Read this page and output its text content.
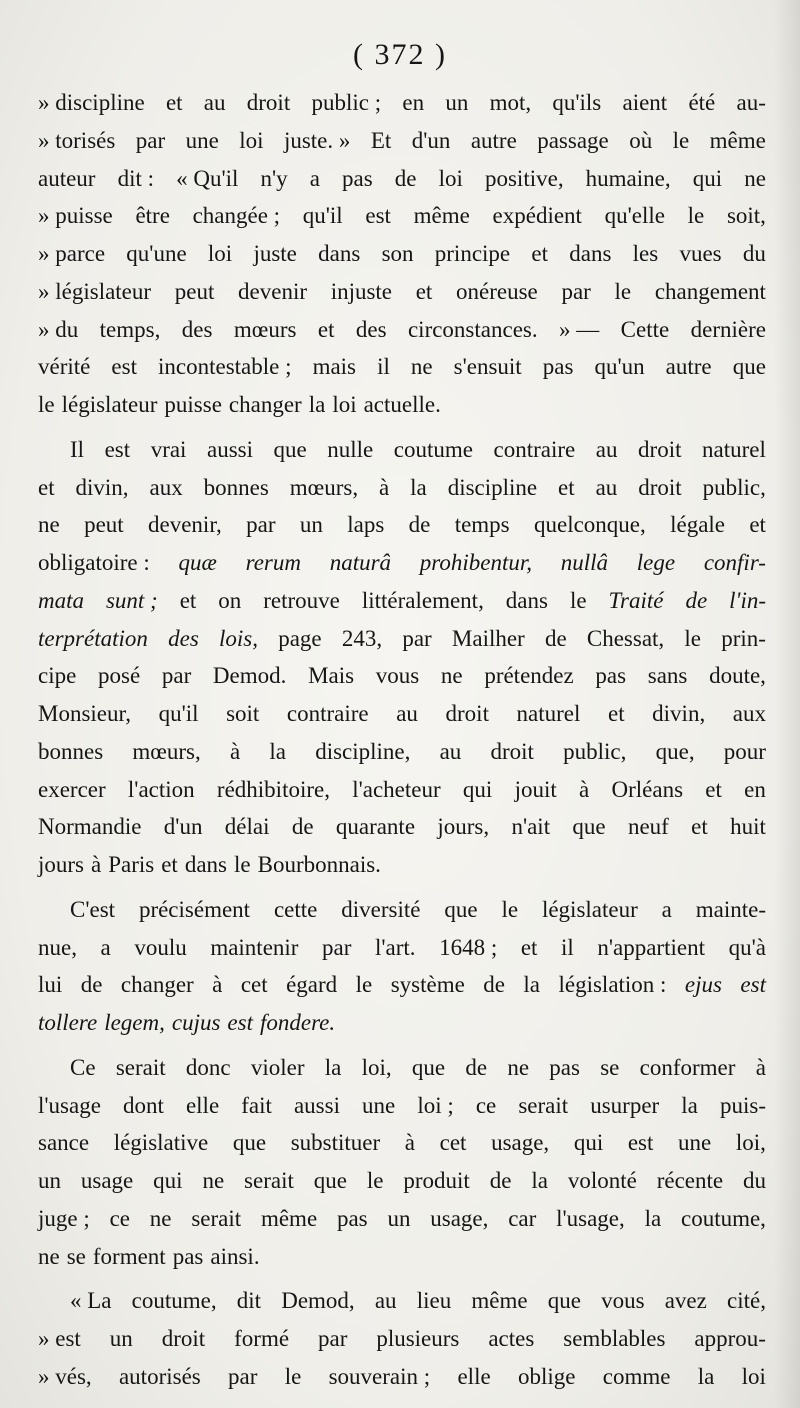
( 372 )
» discipline et au droit public ; en un mot, qu'ils aient été au-
» torisés par une loi juste. » Et d'un autre passage où le même
auteur dit : « Qu'il n'y a pas de loi positive, humaine, qui ne
» puisse être changée ; qu'il est même expédient qu'elle le soit,
» parce qu'une loi juste dans son principe et dans les vues du
» législateur peut devenir injuste et onéreuse par le changement
» du temps, des mœurs et des circonstances. » — Cette dernière
vérité est incontestable ; mais il ne s'ensuit pas qu'un autre que
le législateur puisse changer la loi actuelle.
Il est vrai aussi que nulle coutume contraire au droit naturel
et divin, aux bonnes mœurs, à la discipline et au droit public,
ne peut devenir, par un laps de temps quelconque, légale et
obligatoire : quæ rerum naturâ prohibentur, nullâ lege confir-
mata sunt ; et on retrouve littéralement, dans le Traité de l'in-
terprétation des lois, page 243, par Mailher de Chessat, le prin-
cipe posé par Demod. Mais vous ne prétendez pas sans doute,
Monsieur, qu'il soit contraire au droit naturel et divin, aux
bonnes mœurs, à la discipline, au droit public, que, pour
exercer l'action rédhibitoire, l'acheteur qui jouit à Orléans et en
Normandie d'un délai de quarante jours, n'ait que neuf et huit
jours à Paris et dans le Bourbonnais.
C'est précisément cette diversité que le législateur a mainte-
nue, a voulu maintenir par l'art. 1648 ; et il n'appartient qu'à
lui de changer à cet égard le système de la législation : ejus est
tollere legem, cujus est fondere.
Ce serait donc violer la loi, que de ne pas se conformer à
l'usage dont elle fait aussi une loi ; ce serait usurper la puis-
sance législative que substituer à cet usage, qui est une loi,
un usage qui ne serait que le produit de la volonté récente du
juge ; ce ne serait même pas un usage, car l'usage, la coutume,
ne se forment pas ainsi.
« La coutume, dit Demod, au lieu même que vous avez cité,
» est un droit formé par plusieurs actes semblables approu-
» vés, autorisés par le souverain ; elle oblige comme la loi
